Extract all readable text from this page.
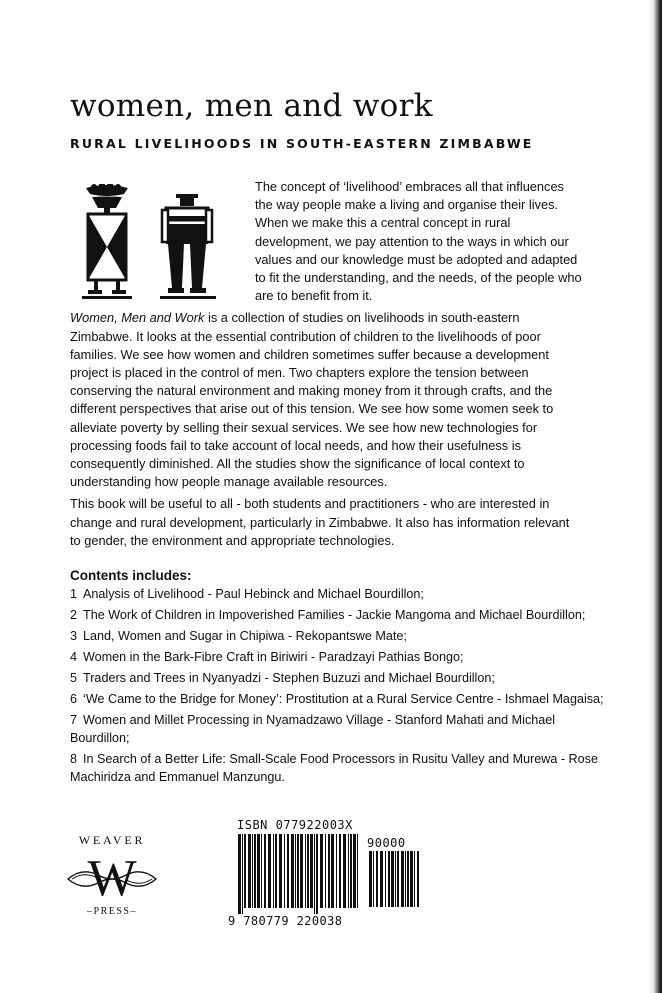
women, men and work
RURAL LIVELIHOODS IN SOUTH-EASTERN ZIMBABWE

The concept of ‘livelihood’ embraces all that influences the way people make a living and organise their lives. When we make this a central concept in rural development, we pay attention to the ways in which our values and our knowledge must be adopted and adapted to fit the understanding, and the needs, of the people who are to benefit from it.

Women, Men and Work is a collection of studies on livelihoods in south-eastern Zimbabwe. It looks at the essential contribution of children to the livelihoods of poor families. We see how women and children sometimes suffer because a development project is placed in the control of men. Two chapters explore the tension between conserving the natural environment and making money from it through crafts, and the different perspectives that arise out of this tension. We see how some women seek to alleviate poverty by selling their sexual services. We see how new technologies for processing foods fail to take account of local needs, and how their usefulness is consequently diminished. All the studies show the significance of local context to understanding how people manage available resources.

This book will be useful to all - both students and practitioners - who are interested in change and rural development, particularly in Zimbabwe. It also has information relevant to gender, the environment and appropriate technologies.

Contents includes:
1 Analysis of Livelihood - Paul Hebinck and Michael Bourdillon;
2 The Work of Children in Impoverished Families - Jackie Mangoma and Michael Bourdillon;
3 Land, Women and Sugar in Chipiwa - Rekopantswe Mate;
4 Women in the Bark-Fibre Craft in Biriwiri - Paradzayi Pathias Bongo;
5 Traders and Trees in Nyanyadzi - Stephen Buzuzi and Michael Bourdillon;
6 ‘We Came to the Bridge for Money’: Prostitution at a Rural Service Centre - Ishmael Magaisa;
7 Women and Millet Processing in Nyamadzawo Village - Stanford Mahati and Michael Bourdillon;
8 In Search of a Better Life: Small-Scale Food Processors in Rusitu Valley and Murewa - Rose Machiridza and Emmanuel Manzungu.
WEAVER
W
–PRESS–

ISBN 077922003X

90000
9 780779 220038
